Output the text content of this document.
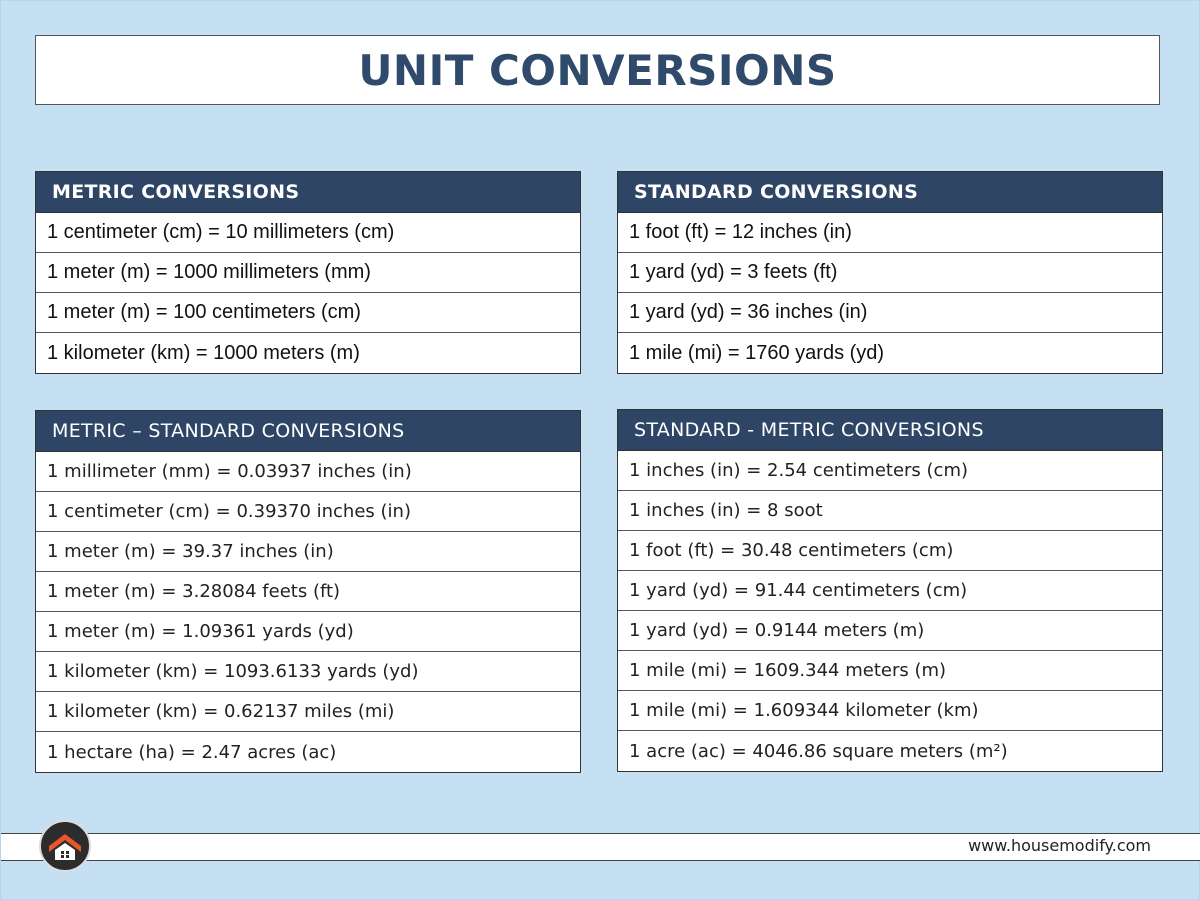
UNIT CONVERSIONS
METRIC CONVERSIONS
1 centimeter (cm) = 10 millimeters (cm)
1 meter (m) = 1000 millimeters (mm)
1 meter (m) = 100 centimeters (cm)
1 kilometer (km) = 1000 meters (m)
STANDARD CONVERSIONS
1 foot (ft) = 12 inches (in)
1 yard (yd) = 3 feets (ft)
1 yard (yd) = 36 inches (in)
1 mile (mi) = 1760 yards (yd)
METRIC – STANDARD CONVERSIONS
1 millimeter (mm) = 0.03937 inches (in)
1 centimeter (cm) = 0.39370 inches (in)
1 meter (m) = 39.37 inches (in)
1 meter (m) = 3.28084 feets (ft)
1 meter (m) = 1.09361 yards (yd)
1 kilometer (km) = 1093.6133 yards (yd)
1 kilometer (km) = 0.62137 miles (mi)
1 hectare (ha) = 2.47 acres (ac)
STANDARD - METRIC CONVERSIONS
1 inches (in) = 2.54 centimeters (cm)
1 inches (in) = 8 soot
1 foot (ft) = 30.48 centimeters (cm)
1 yard (yd) = 91.44 centimeters (cm)
1 yard (yd) = 0.9144 meters (m)
1 mile (mi) = 1609.344 meters (m)
1 mile (mi) = 1.609344 kilometer (km)
1 acre (ac) = 4046.86 square meters (m²)
www.housemodify.com
